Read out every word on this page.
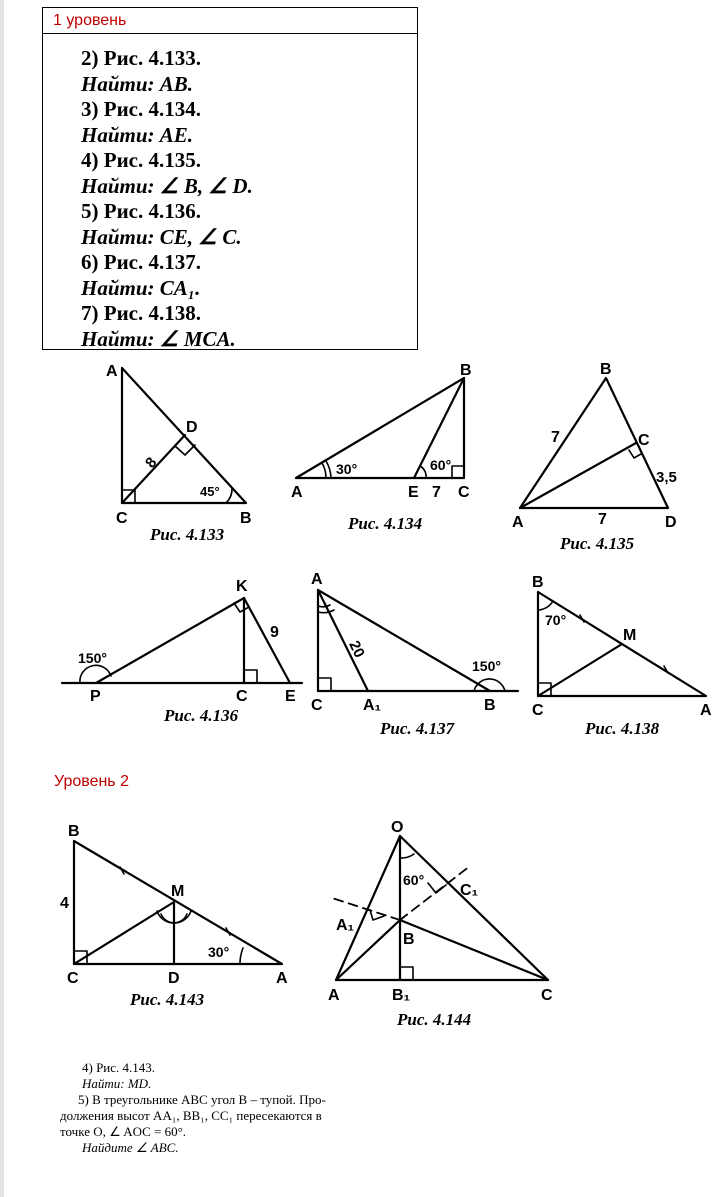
1 уровень
2) Рис. 4.133.
Найти: AB.
3) Рис. 4.134.
Найти: AE.
4) Рис. 4.135.
Найти: ∠ B, ∠ D.
5) Рис. 4.136.
Найти: CE, ∠ C.
6) Рис. 4.137.
Найти: CA₁.
7) Рис. 4.138.
Найти: ∠ MCA.
A
D
C	B
8
45°
Рис. 4.133
B
A	E C
7
30°	60°
Рис. 4.134
B
C
A	D
7
7
3,5
Рис. 4.135
K
P	C E
9
150°
Рис. 4.136
A
C	A₁	B
20
150°
Рис. 4.137
B
M
C	A
70°
Рис. 4.138
B
M
C	D	A
4
30°
Рис. 4.143
O
C₁
A₁
B
A	B₁	C
60°
Рис. 4.144
Уровень 2
4) Рис. 4.143.
Найти: MD.
5) В треугольнике ABC угол B – тупой. Про-
должения высот AA₁, BB₁, CC₁ пересекаются в
точке O, ∠ AOC = 60°.
Найдите ∠ ABC.
